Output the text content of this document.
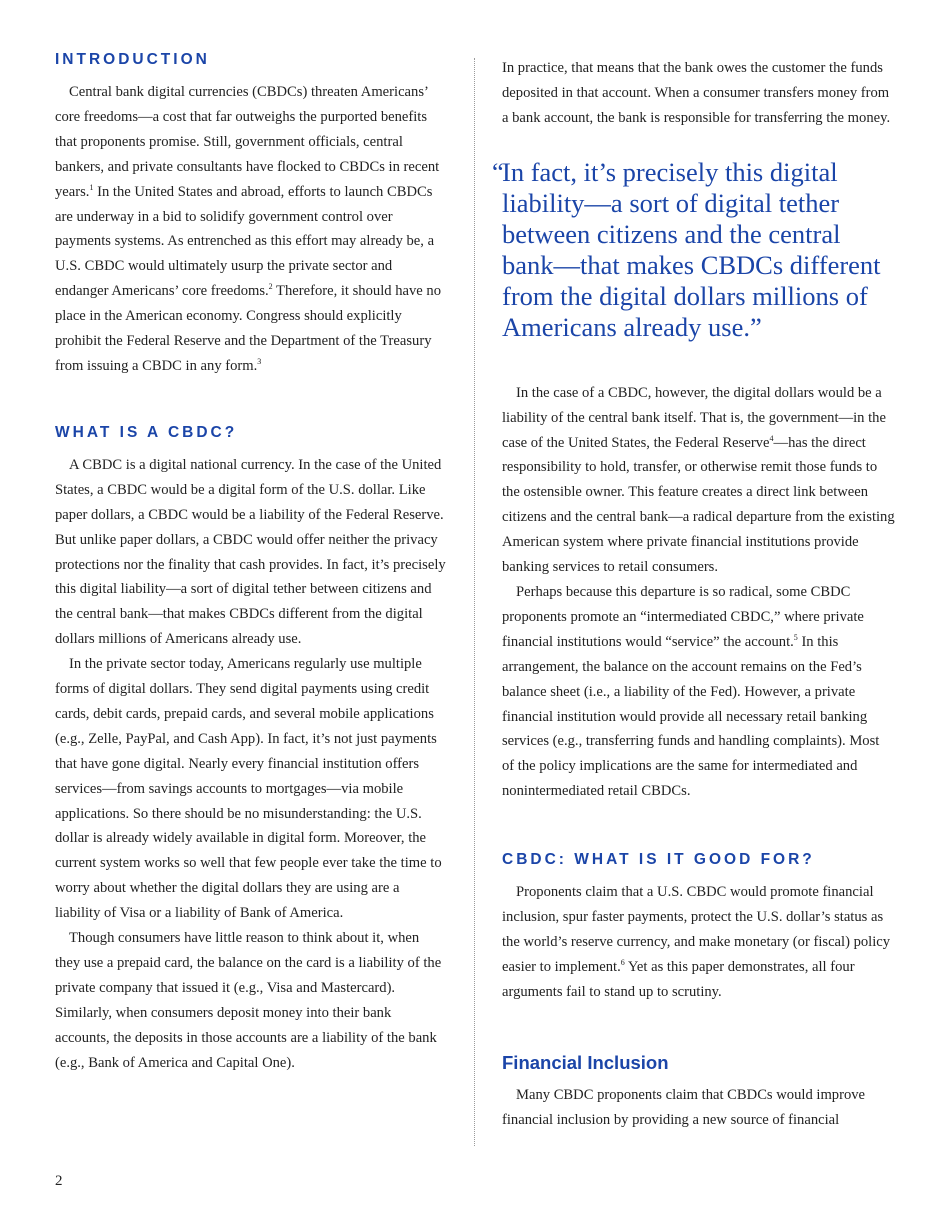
INTRODUCTION

Central bank digital currencies (CBDCs) threaten Americans’ core freedoms—a cost that far outweighs the purported benefits that proponents promise. Still, government officials, central bankers, and private consultants have flocked to CBDCs in recent years.$^1$ In the United States and abroad, efforts to launch CBDCs are underway in a bid to solidify government control over payments systems. As entrenched as this effort may already be, a U.S. CBDC would ultimately usurp the private sector and endanger Americans’ core freedoms.$^2$ Therefore, it should have no place in the American economy. Congress should explicitly prohibit the Federal Reserve and the Department of the Treasury from issuing a CBDC in any form.$^3$

WHAT IS A CBDC?

A CBDC is a digital national currency. In the case of the United States, a CBDC would be a digital form of the U.S. dollar. Like paper dollars, a CBDC would be a liability of the Federal Reserve. But unlike paper dollars, a CBDC would offer neither the privacy protections nor the finality that cash provides. In fact, it’s precisely this digital liability—a sort of digital tether between citizens and the central bank—that makes CBDCs different from the digital dollars millions of Americans already use.

In the private sector today, Americans regularly use multiple forms of digital dollars. They send digital payments using credit cards, debit cards, prepaid cards, and several mobile applications (e.g., Zelle, PayPal, and Cash App). In fact, it’s not just payments that have gone digital. Nearly every financial institution offers services—from savings accounts to mortgages—via mobile applications. So there should be no misunderstanding: the U.S. dollar is already widely available in digital form. Moreover, the current system works so well that few people ever take the time to worry about whether the digital dollars they are using are a liability of Visa or a liability of Bank of America.

Though consumers have little reason to think about it, when they use a prepaid card, the balance on the card is a liability of the private company that issued it (e.g., Visa and Mastercard). Similarly, when consumers deposit money into their bank accounts, the deposits in those accounts are a liability of the bank (e.g., Bank of America and Capital One).

In practice, that means that the bank owes the customer the funds deposited in that account. When a consumer transfers money from a bank account, the bank is responsible for transferring the money.

“
In fact, it’s precisely this digital liability—a sort of digital tether between citizens and the central bank—that makes CBDCs different from the digital dollars millions of Americans already use.”

In the case of a CBDC, however, the digital dollars would be a liability of the central bank itself. That is, the government—in the case of the United States, the Federal Reserve$^4$—has the direct responsibility to hold, transfer, or otherwise remit those funds to the ostensible owner. This feature creates a direct link between citizens and the central bank—a radical departure from the existing American system where private financial institutions provide banking services to retail consumers.

Perhaps because this departure is so radical, some CBDC proponents promote an “intermediated CBDC,” where private financial institutions would “service” the account.$^5$ In this arrangement, the balance on the account remains on the Fed’s balance sheet (i.e., a liability of the Fed). However, a private financial institution would provide all necessary retail banking services (e.g., transferring funds and handling complaints). Most of the policy implications are the same for intermediated and nonintermediated retail CBDCs.

CBDC: WHAT IS IT GOOD FOR?

Proponents claim that a U.S. CBDC would promote financial inclusion, spur faster payments, protect the U.S. dollar’s status as the world’s reserve currency, and make monetary (or fiscal) policy easier to implement.$^6$ Yet as this paper demonstrates, all four arguments fail to stand up to scrutiny.

Financial Inclusion

Many CBDC proponents claim that CBDCs would improve financial inclusion by providing a new source of financial

2
